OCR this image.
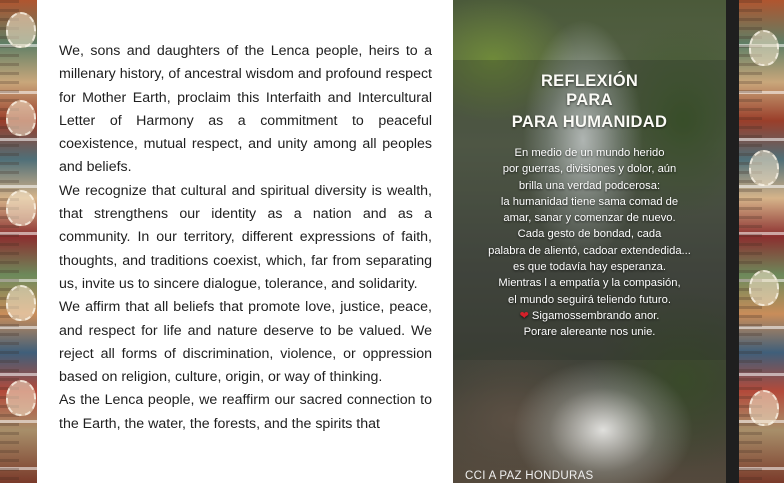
We, sons and daughters of the Lenca people, heirs to a millenary history, of ancestral wisdom and profound respect for Mother Earth, proclaim this Interfaith and Intercultural Letter of Harmony as a commitment to peaceful coexistence, mutual respect, and unity among all peoples and beliefs.

We recognize that cultural and spiritual diversity is wealth, that strengthens our identity as a nation and as a community. In our territory, different expressions of faith, thoughts, and traditions coexist, which, far from separating us, invite us to sincere dialogue, tolerance, and solidarity.

We affirm that all beliefs that promote love, justice, peace, and respect for life and nature deserve to be valued. We reject all forms of discrimination, violence, or oppression based on religion, culture, origin, or way of thinking.

As the Lenca people, we reaffirm our sacred connection to the Earth, the water, the forests, and the spirits that

REFLEXIÓN
PARA
PARA HUMANIDAD
En medio de un mundo herido
por guerras, divisiones y dolor, aún
brilla una verdad podcerosa:
la humanidad tiene sama comad de
amar, sanar y comenzar de nuevo.
Cada gesto de bondad, cada
palabra de alientó, cadoar extendedida...
es que todavía hay esperanza.
Mientras l a empatía y la compasión,
el mundo seguirá teliendo futuro.
❤ Sigamossembrando anor.
Porare alereante nos unie.
CCI A PAZ HONDURAS
